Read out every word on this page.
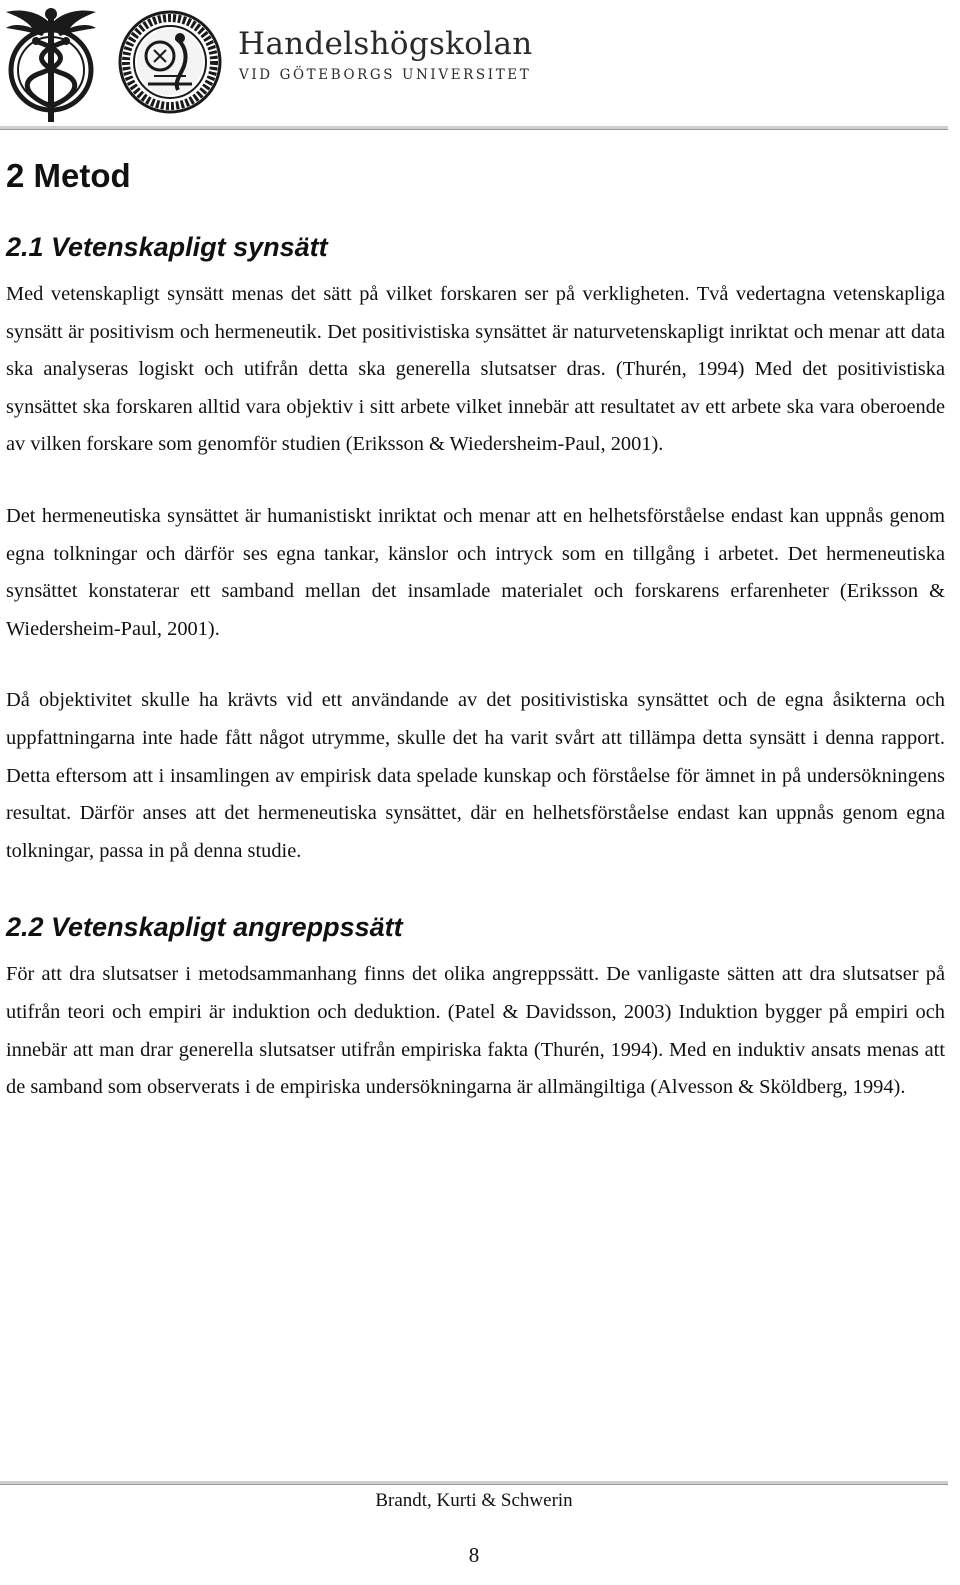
Handelshögskolan
VID GÖTEBORGS UNIVERSITET
2 Metod
2.1 Vetenskapligt synsätt

Med vetenskapligt synsätt menas det sätt på vilket forskaren ser på verkligheten. Två vedertagna vetenskapliga synsätt är positivism och hermeneutik. Det positivistiska synsättet är naturvetenskapligt inriktat och menar att data ska analyseras logiskt och utifrån detta ska generella slutsatser dras. (Thurén, 1994) Med det positivistiska synsättet ska forskaren alltid vara objektiv i sitt arbete vilket innebär att resultatet av ett arbete ska vara oberoende av vilken forskare som genomför studien (Eriksson & Wiedersheim-Paul, 2001).

Det hermeneutiska synsättet är humanistiskt inriktat och menar att en helhetsförståelse endast kan uppnås genom egna tolkningar och därför ses egna tankar, känslor och intryck som en tillgång i arbetet. Det hermeneutiska synsättet konstaterar ett samband mellan det insamlade materialet och forskarens erfarenheter (Eriksson & Wiedersheim-Paul, 2001).

Då objektivitet skulle ha krävts vid ett användande av det positivistiska synsättet och de egna åsikterna och uppfattningarna inte hade fått något utrymme, skulle det ha varit svårt att tillämpa detta synsätt i denna rapport. Detta eftersom att i insamlingen av empirisk data spelade kunskap och förståelse för ämnet in på undersökningens resultat. Därför anses att det hermeneutiska synsättet, där en helhetsförståelse endast kan uppnås genom egna tolkningar, passa in på denna studie.

2.2 Vetenskapligt angreppssätt

För att dra slutsatser i metodsammanhang finns det olika angreppssätt. De vanligaste sätten att dra slutsatser på utifrån teori och empiri är induktion och deduktion. (Patel & Davidsson, 2003) Induktion bygger på empiri och innebär att man drar generella slutsatser utifrån empiriska fakta (Thurén, 1994). Med en induktiv ansats menas att de samband som observerats i de empiriska undersökningarna är allmängiltiga (Alvesson & Sköldberg, 1994).

Brandt, Kurti & Schwerin
8
